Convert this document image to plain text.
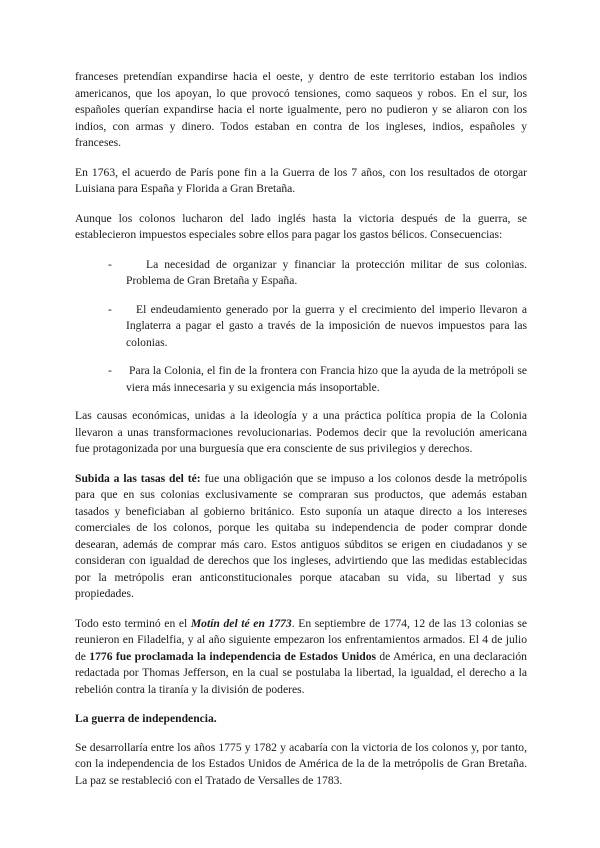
franceses pretendían expandirse hacia el oeste, y dentro de este territorio estaban los indios americanos, que los apoyan, lo que provocó tensiones, como saqueos y robos. En el sur, los españoles querían expandirse hacia el norte igualmente, pero no pudieron y se aliaron con los indios, con armas y dinero. Todos estaban en contra de los ingleses, indios, españoles y franceses.

En 1763, el acuerdo de París pone fin a la Guerra de los 7 años, con los resultados de otorgar Luisiana para España y Florida a Gran Bretaña.

Aunque los colonos lucharon del lado inglés hasta la victoria después de la guerra, se establecieron impuestos especiales sobre ellos para pagar los gastos bélicos. Consecuencias:

-	La necesidad de organizar y financiar la protección militar de sus colonias. Problema de Gran Bretaña y España.
- El endeudamiento generado por la guerra y el crecimiento del imperio llevaron a Inglaterra a pagar el gasto a través de la imposición de nuevos impuestos para las colonias.
- Para la Colonia, el fin de la frontera con Francia hizo que la ayuda de la metrópoli se viera más innecesaria y su exigencia más insoportable.

Las causas económicas, unidas a la ideología y a una práctica política propia de la Colonia llevaron a unas transformaciones revolucionarias. Podemos decir que la revolución americana fue protagonizada por una burguesía que era consciente de sus privilegios y derechos.

Subida a las tasas del té: fue una obligación que se impuso a los colonos desde la metrópolis para que en sus colonias exclusivamente se compraran sus productos, que además estaban tasados y beneficiaban al gobierno británico. Esto suponía un ataque directo a los intereses comerciales de los colonos, porque les quitaba su independencia de poder comprar donde desearan, además de comprar más caro. Estos antiguos súbditos se erigen en ciudadanos y se consideran con igualdad de derechos que los ingleses, advirtiendo que las medidas establecidas por la metrópolis eran anticonstitucionales porque atacaban su vida, su libertad y sus propiedades.

Todo esto terminó en el Motín del té en 1773. En septiembre de 1774, 12 de las 13 colonias se reunieron en Filadelfia, y al año siguiente empezaron los enfrentamientos armados. El 4 de julio de 1776 fue proclamada la independencia de Estados Unidos de América, en una declaración redactada por Thomas Jefferson, en la cual se postulaba la libertad, la igualdad, el derecho a la rebelión contra la tiranía y la división de poderes.

La guerra de independencia.

Se desarrollaría entre los años 1775 y 1782 y acabaría con la victoria de los colonos y, por tanto, con la independencia de los Estados Unidos de América de la de la metrópolis de Gran Bretaña. La paz se restableció con el Tratado de Versalles de 1783.
